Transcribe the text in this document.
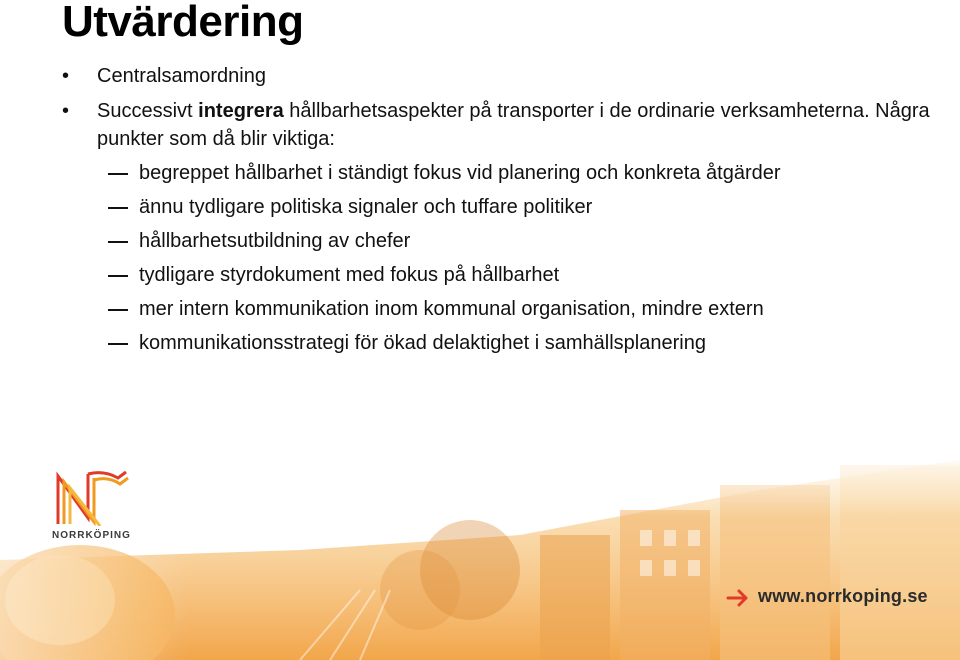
Utvärdering
• Centralsamordning
• Successivt integrera hållbarhetsaspekter på transporter i de ordinarie verksamheterna. Några punkter som då blir viktiga:
begreppet hållbarhet i ständigt fokus vid planering och konkreta åtgärder
ännu tydligare politiska signaler och tuffare politiker
hållbarhetsutbildning av chefer
tydligare styrdokument med fokus på hållbarhet
mer intern kommunikation inom kommunal organisation, mindre extern
kommunikationsstrategi för ökad delaktighet i samhällsplanering
NORRKÖPING
www.norrkoping.se
